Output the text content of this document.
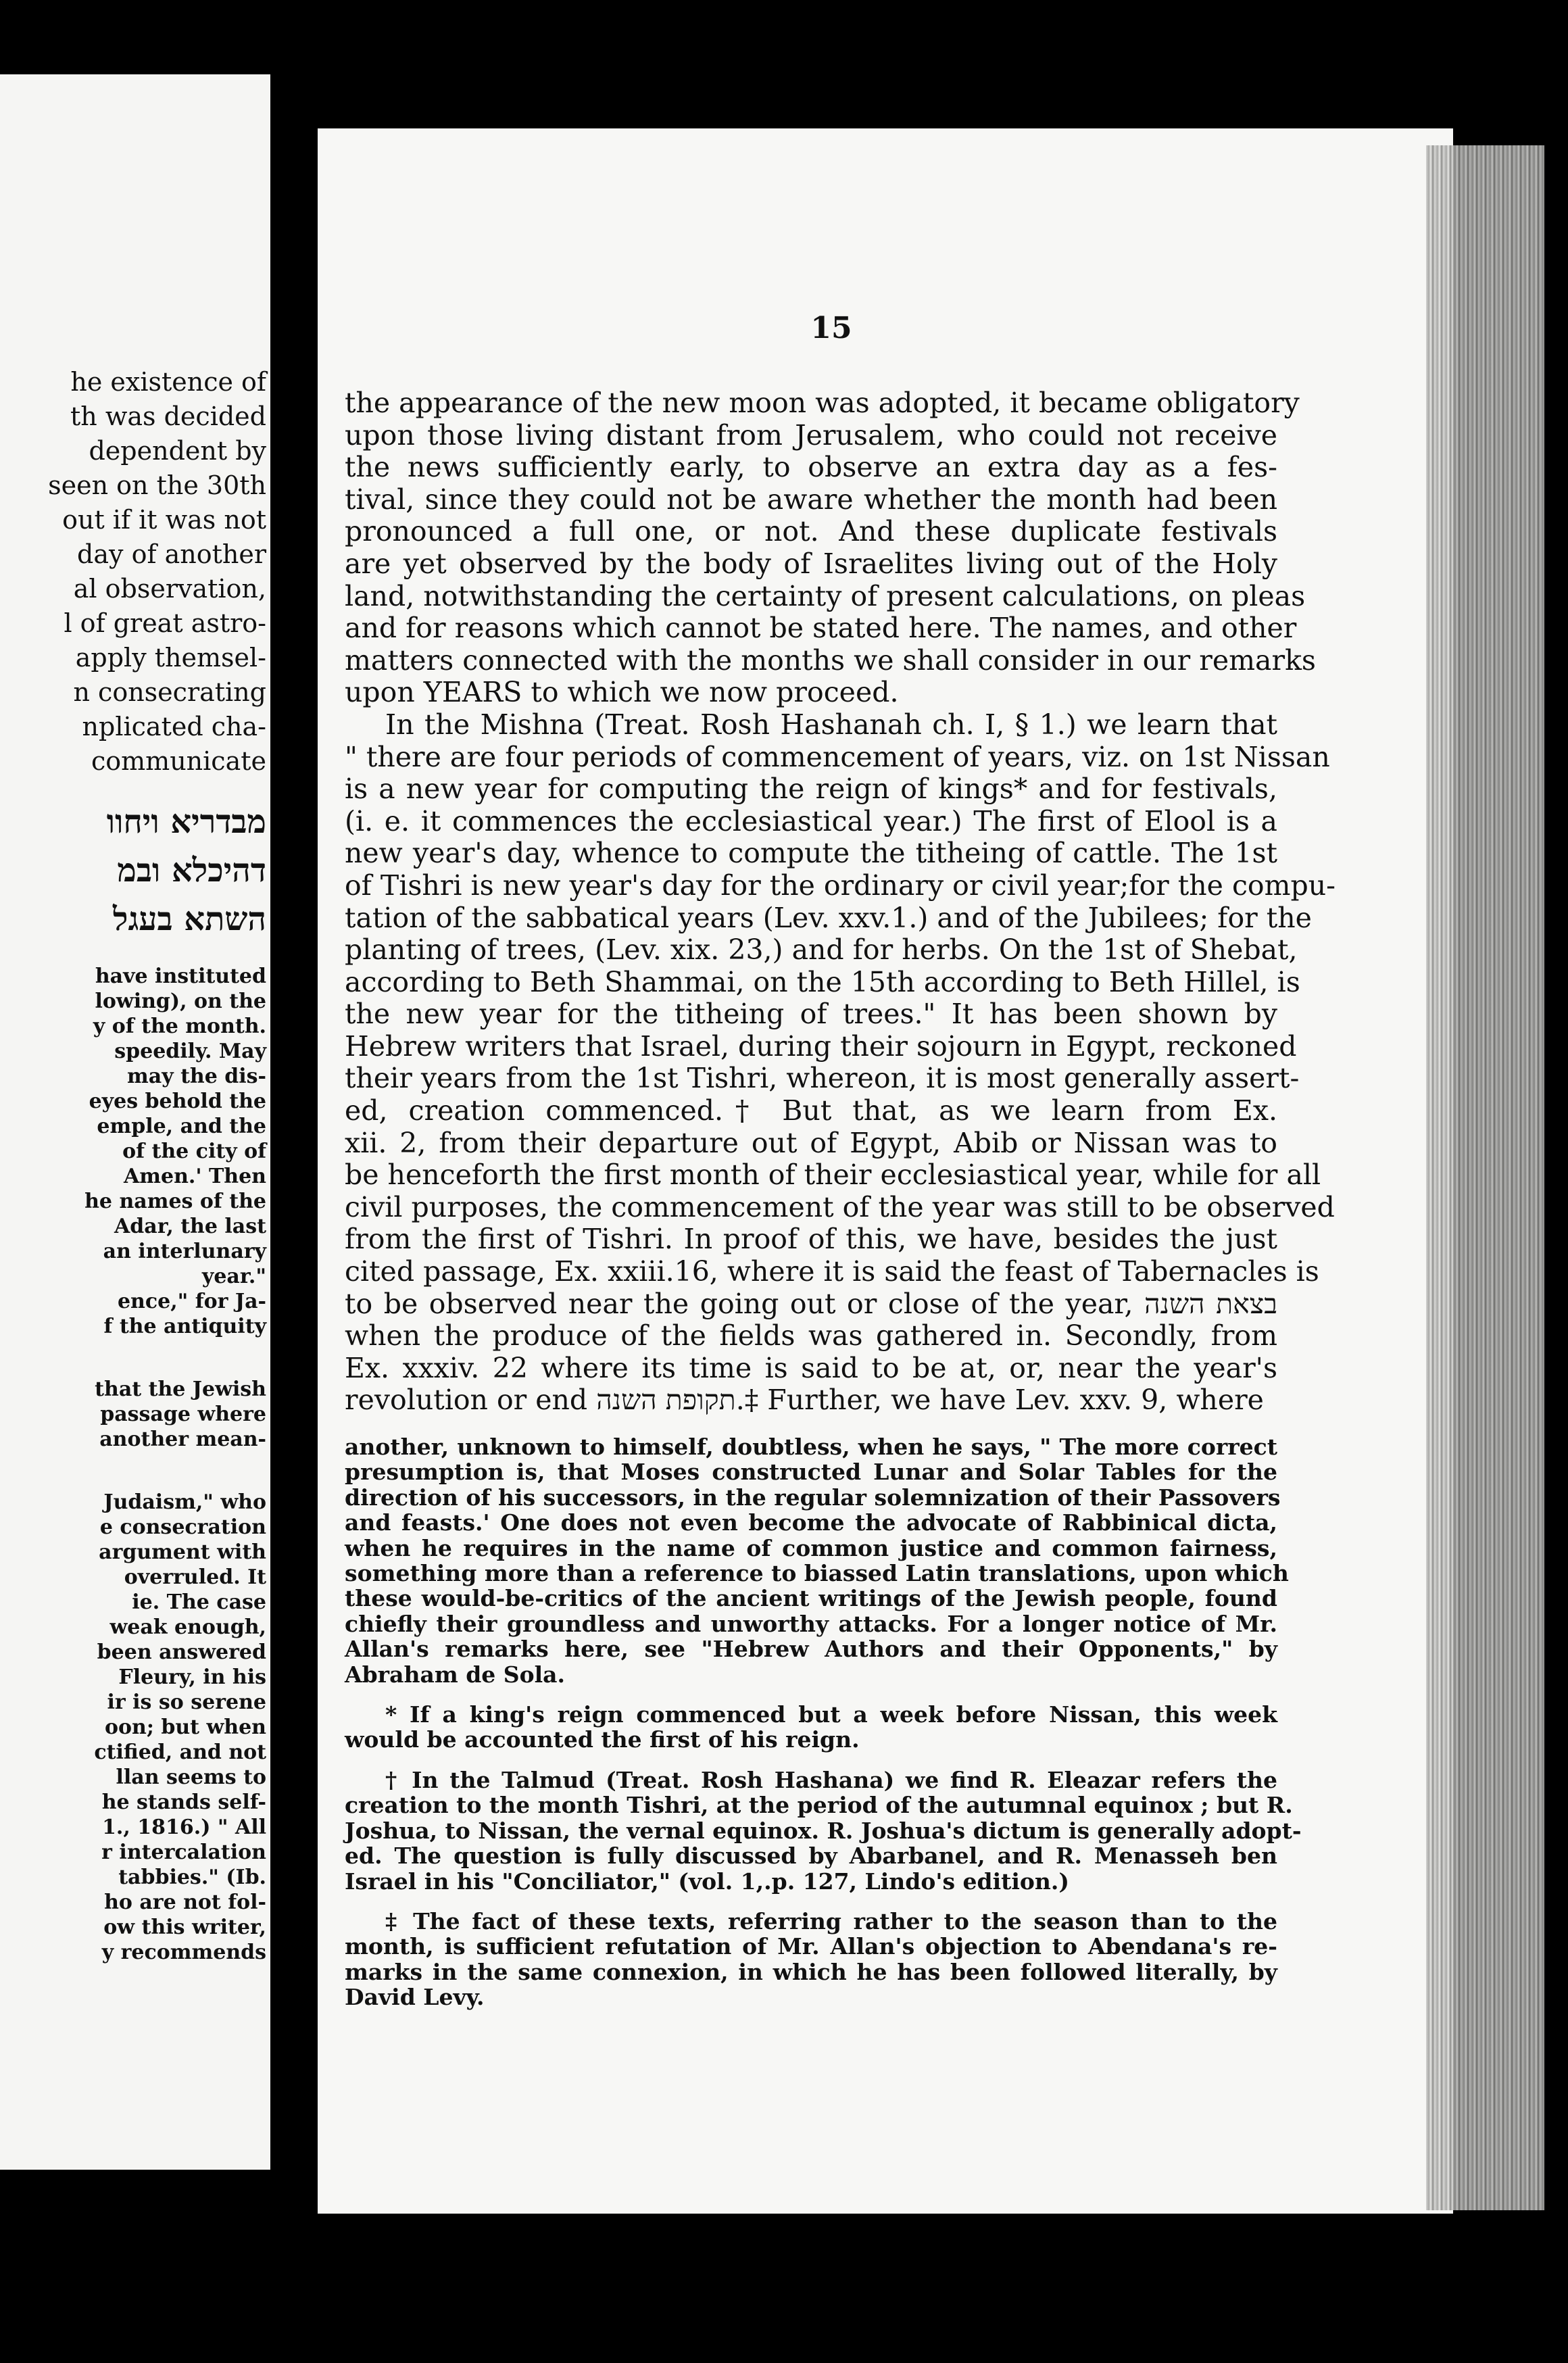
he existence of
th was decided
dependent by
seen on the 30th
out if it was not
day of another
al observation,
l of great astro-
apply themsel-
n consecrating
nplicated cha-
communicate
מבדריא ויחוו
דהיכלא ובמ
השתא בעגל
have instituted
lowing), on the
y of the month.
speedily. May
may the dis-
eyes behold the
emple, and the
of the city of
Amen.' Then
he names of the
Adar, the last
an interlunary
year."
ence," for Ja-
f the antiquity
that the Jewish
passage where
another mean-
Judaism," who
e consecration
argument with
overruled. It
ie. The case
weak enough,
been answered
Fleury, in his
ir is so serene
oon; but when
ctified, and not
llan seems to
he stands self-
1., 1816.) " All
r intercalation
tabbies." (Ib.
ho are not fol-
ow this writer,
y recommends
15
the appearance of the new moon was adopted, it became obligatory
upon those living distant from Jerusalem, who could not receive
the news sufficiently early, to observe an extra day as a fes-
tival, since they could not be aware whether the month had been
pronounced a full one, or not. And these duplicate festivals
are yet observed by the body of Israelites living out of the Holy
land, notwithstanding the certainty of present calculations, on pleas
and for reasons which cannot be stated here. The names, and other
matters connected with the months we shall consider in our remarks
upon YEARS to which we now proceed.
In the Mishna (Treat. Rosh Hashanah ch. I, § 1.) we learn that
" there are four periods of commencement of years, viz. on 1st Nissan
is a new year for computing the reign of kings* and for festivals,
(i. e. it commences the ecclesiastical year.) The first of Elool is a
new year's day, whence to compute the titheing of cattle. The 1st
of Tishri is new year's day for the ordinary or civil year;for the compu-
tation of the sabbatical years (Lev. xxv.1.) and of the Jubilees; for the
planting of trees, (Lev. xix. 23,) and for herbs. On the 1st of Shebat,
according to Beth Shammai, on the 15th according to Beth Hillel, is
the new year for the titheing of trees." It has been shown by
Hebrew writers that Israel, during their sojourn in Egypt, reckoned
their years from the 1st Tishri, whereon, it is most generally assert-
ed, creation commenced.† But that, as we learn from Ex.
xii. 2, from their departure out of Egypt, Abib or Nissan was to
be henceforth the first month of their ecclesiastical year, while for all
civil purposes, the commencement of the year was still to be observed
from the first of Tishri. In proof of this, we have, besides the just
cited passage, Ex. xxiii.16, where it is said the feast of Tabernacles is
to be observed near the going out or close of the year, בצאת השנה
when the produce of the fields was gathered in. Secondly, from
Ex. xxxiv. 22 where its time is said to be at, or, near the year's
revolution or end תקופת השנה.‡ Further, we have Lev. xxv. 9, where
another, unknown to himself, doubtless, when he says, " The more correct
presumption is, that Moses constructed Lunar and Solar Tables for the
direction of his successors, in the regular solemnization of their Passovers
and feasts.' One does not even become the advocate of Rabbinical dicta,
when he requires in the name of common justice and common fairness,
something more than a reference to biassed Latin translations, upon which
these would-be-critics of the ancient writings of the Jewish people, found
chiefly their groundless and unworthy attacks. For a longer notice of Mr.
Allan's remarks here, see "Hebrew Authors and their Opponents," by
Abraham de Sola.
* If a king's reign commenced but a week before Nissan, this week
would be accounted the first of his reign.
† In the Talmud (Treat. Rosh Hashana) we find R. Eleazar refers the
creation to the month Tishri, at the period of the autumnal equinox ; but R.
Joshua, to Nissan, the vernal equinox. R. Joshua's dictum is generally adopt-
ed. The question is fully discussed by Abarbanel, and R. Menasseh ben
Israel in his "Conciliator," (vol. 1,.p. 127, Lindo's edition.)
‡ The fact of these texts, referring rather to the season than to the
month, is sufficient refutation of Mr. Allan's objection to Abendana's re-
marks in the same connexion, in which he has been followed literally, by
David Levy.
